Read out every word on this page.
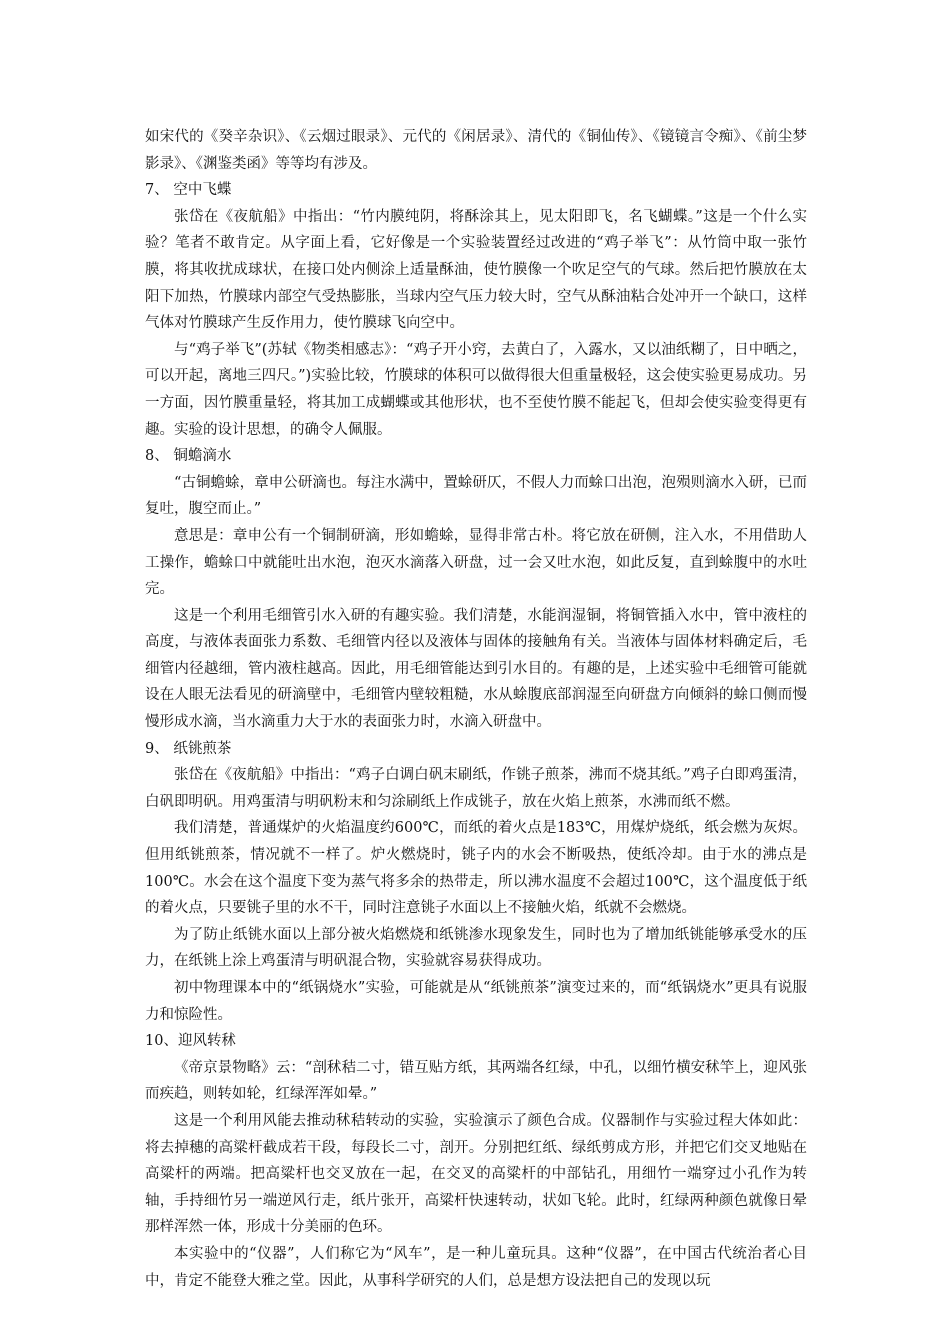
如宋代的《癸辛杂识》、《云烟过眼录》、元代的《闲居录》、清代的《铜仙传》、《镜镜言令痴》、《前尘梦影录》、《渊鉴类函》等等均有涉及。

7、 空中飞蝶

张岱在《夜航船》中指出：“竹内膜纯阴，将酥涂其上，见太阳即飞，名飞蝴蝶。”这是一个什么实验？笔者不敢肯定。从字面上看，它好像是一个实验装置经过改进的“鸡子举飞”：从竹筒中取一张竹膜，将其收扰成球状，在接口处内侧涂上适量酥油，使竹膜像一个吹足空气的气球。然后把竹膜放在太阳下加热，竹膜球内部空气受热膨胀，当球内空气压力较大时，空气从酥油粘合处冲开一个缺口，这样气体对竹膜球产生反作用力，使竹膜球飞向空中。

与“鸡子举飞”(苏轼《物类相感志》：“鸡子开小窍，去黄白了，入露水，又以油纸糊了，日中晒之，可以开起，离地三四尺。”)实验比较，竹膜球的体积可以做得很大但重量极轻，这会使实验更易成功。另一方面，因竹膜重量轻，将其加工成蝴蝶或其他形状，也不至使竹膜不能起飞，但却会使实验变得更有趣。实验的设计思想，的确令人佩服。

8、 铜蟾滴水

“古铜蟾蜍，章申公研滴也。每注水满中，置蜍研仄，不假人力而蜍口出泡，泡殒则滴水入研，已而复吐，腹空而止。”

意思是：章申公有一个铜制研滴，形如蟾蜍，显得非常古朴。将它放在研侧，注入水，不用借助人工操作，蟾蜍口中就能吐出水泡，泡灭水滴落入研盘，过一会又吐水泡，如此反复，直到蜍腹中的水吐完。

这是一个利用毛细管引水入研的有趣实验。我们清楚，水能润湿铜，将铜管插入水中，管中液柱的高度，与液体表面张力系数、毛细管内径以及液体与固体的接触角有关。当液体与固体材料确定后，毛细管内径越细，管内液柱越高。因此，用毛细管能达到引水目的。有趣的是，上述实验中毛细管可能就设在人眼无法看见的研滴壁中，毛细管内壁较粗糙，水从蜍腹底部润湿至向研盘方向倾斜的蜍口侧而慢慢形成水滴，当水滴重力大于水的表面张力时，水滴入研盘中。

9、 纸铫煎茶

张岱在《夜航船》中指出：“鸡子白调白矾末刷纸，作铫子煎茶，沸而不烧其纸。”鸡子白即鸡蛋清，白矾即明矾。用鸡蛋清与明矾粉末和匀涂刷纸上作成铫子，放在火焰上煎茶，水沸而纸不燃。

我们清楚，普通煤炉的火焰温度约600℃，而纸的着火点是183℃，用煤炉烧纸，纸会燃为灰烬。但用纸铫煎茶，情况就不一样了。炉火燃烧时，铫子内的水会不断吸热，使纸冷却。由于水的沸点是100℃。水会在这个温度下变为蒸气将多余的热带走，所以沸水温度不会超过100℃，这个温度低于纸的着火点，只要铫子里的水不干，同时注意铫子水面以上不接触火焰，纸就不会燃烧。

为了防止纸铫水面以上部分被火焰燃烧和纸铫渗水现象发生，同时也为了增加纸铫能够承受水的压力，在纸铫上涂上鸡蛋清与明矾混合物，实验就容易获得成功。

初中物理课本中的“纸锅烧水”实验，可能就是从“纸铫煎茶”演变过来的，而“纸锅烧水”更具有说服力和惊险性。

10、迎风转秫

《帝京景物略》云：“剖秫秸二寸，错互贴方纸，其两端各红绿，中孔，以细竹横安秫竿上，迎风张而疾趋，则转如轮，红绿浑浑如晕。”

这是一个利用风能去推动秫秸转动的实验，实验演示了颜色合成。仪器制作与实验过程大体如此：将去掉穗的高粱杆截成若干段，每段长二寸，剖开。分别把红纸、绿纸剪成方形，并把它们交叉地贴在高粱杆的两端。把高粱杆也交叉放在一起，在交叉的高粱杆的中部钻孔，用细竹一端穿过小孔作为转轴，手持细竹另一端逆风行走，纸片张开，高粱杆快速转动，状如飞轮。此时，红绿两种颜色就像日晕那样浑然一体，形成十分美丽的色环。

本实验中的“仪器”，人们称它为“风车”，是一种儿童玩具。这种“仪器”，在中国古代统治者心目中，肯定不能登大雅之堂。因此，从事科学研究的人们，总是想方设法把自己的发现以玩
